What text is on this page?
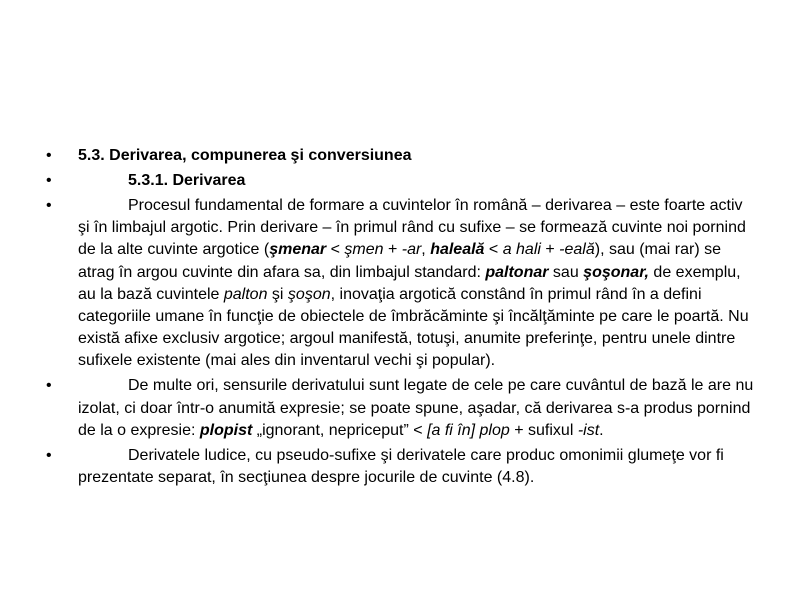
• 5.3. Derivarea, compunerea şi conversiunea
•	5.3.1. Derivarea
•	Procesul fundamental de formare a cuvintelor în română – derivarea – este foarte activ şi în limbajul argotic. Prin derivare – în primul rând cu sufixe – se formează cuvinte noi pornind de la alte cuvinte argotice (şmenar < şmen + -ar, haleală < a hali + -eală), sau (mai rar) se atrag în argou cuvinte din afara sa, din limbajul standard: paltonar sau şoşonar, de exemplu, au la bază cuvintele palton şi şoşon, inovaţia argotică constând în primul rând în a defini categoriile umane în funcţie de obiectele de îmbrăcăminte şi încălţăminte pe care le poartă. Nu există afixe exclusiv argotice; argoul manifestă, totuşi, anumite preferinţe, pentru unele dintre sufixele existente (mai ales din inventarul vechi şi popular).
•	De multe ori, sensurile derivatului sunt legate de cele pe care cuvântul de bază le are nu izolat, ci doar într-o anumită expresie; se poate spune, aşadar, că derivarea s-a produs pornind de la o expresie: plopist „ignorant, nepriceput” < [a fi în] plop + sufixul -ist.
•	Derivatele ludice, cu pseudo-sufixe şi derivatele care produc omonimii glumeţe vor fi prezentate separat, în secţiunea despre jocurile de cuvinte (4.8).
